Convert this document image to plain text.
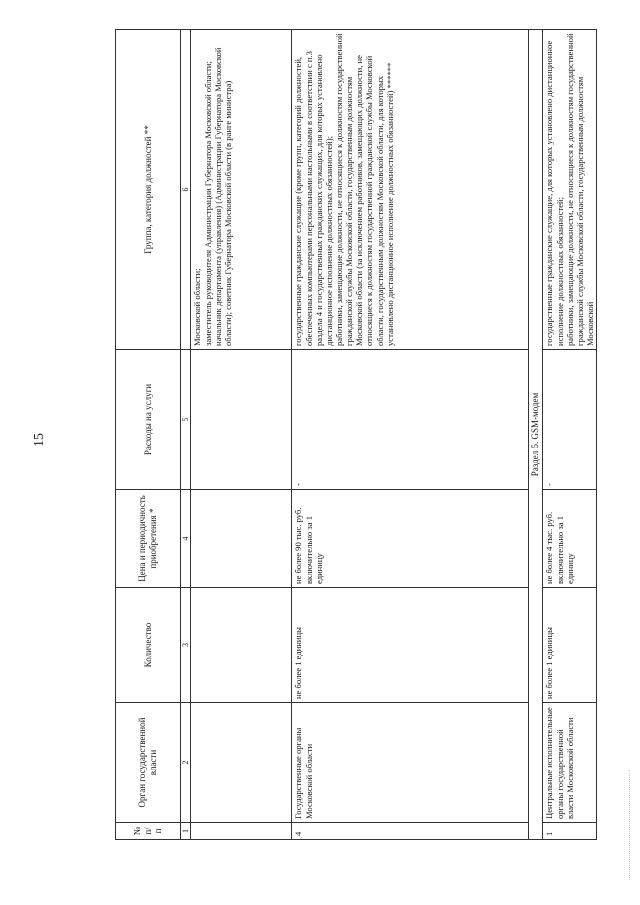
15
№ п/п	Орган государственной власти	Количество	Цена и периодичность приобретения *	Расходы на услуги	Группа, категория должностей **
1	2	3	4	5	6

					Московской области; заместитель руководителя Администрации Губернатора Московской области; начальник департамента (управления) (Администрации Губернатора Московской области); советник Губернатора Московской области (в ранге министра)

4	Государственные органы Московской области	не более 1 единицы	не более 90 тыс. руб. включительно за 1 единицу	-	государственные гражданские служащие (кроме групп, категорий должностей, обеспеченных компьютерами персональными настольными в соответствии с п.3 раздела 4 и государственных гражданских служащих, для которых установлено дистанционное исполнение должностных обязанностей); работники, замещающие должности, не относящиеся к должностям государственной гражданской службы Московской области, государственным должностям Московской области (за исключением работников, замещающих должности, не относящиеся к должностям государственной гражданской службы Московской области, государственным должностям Московской области, для которых установлено дистанционное исполнение должностных обязанностей) ******

Раздел 5. GSM-модем					
1	Центральные исполнительные органы государственной власти Московской области	не более 1 единицы	не более 4 тыс. руб. включительно за 1 единицу	-	государственные гражданские служащие, для которых установлено дистанционное исполнение должностных обязанностей; работники, замещающие должности, не относящиеся к должностям государственной гражданской службы Московской области, государственным должностям Московской
